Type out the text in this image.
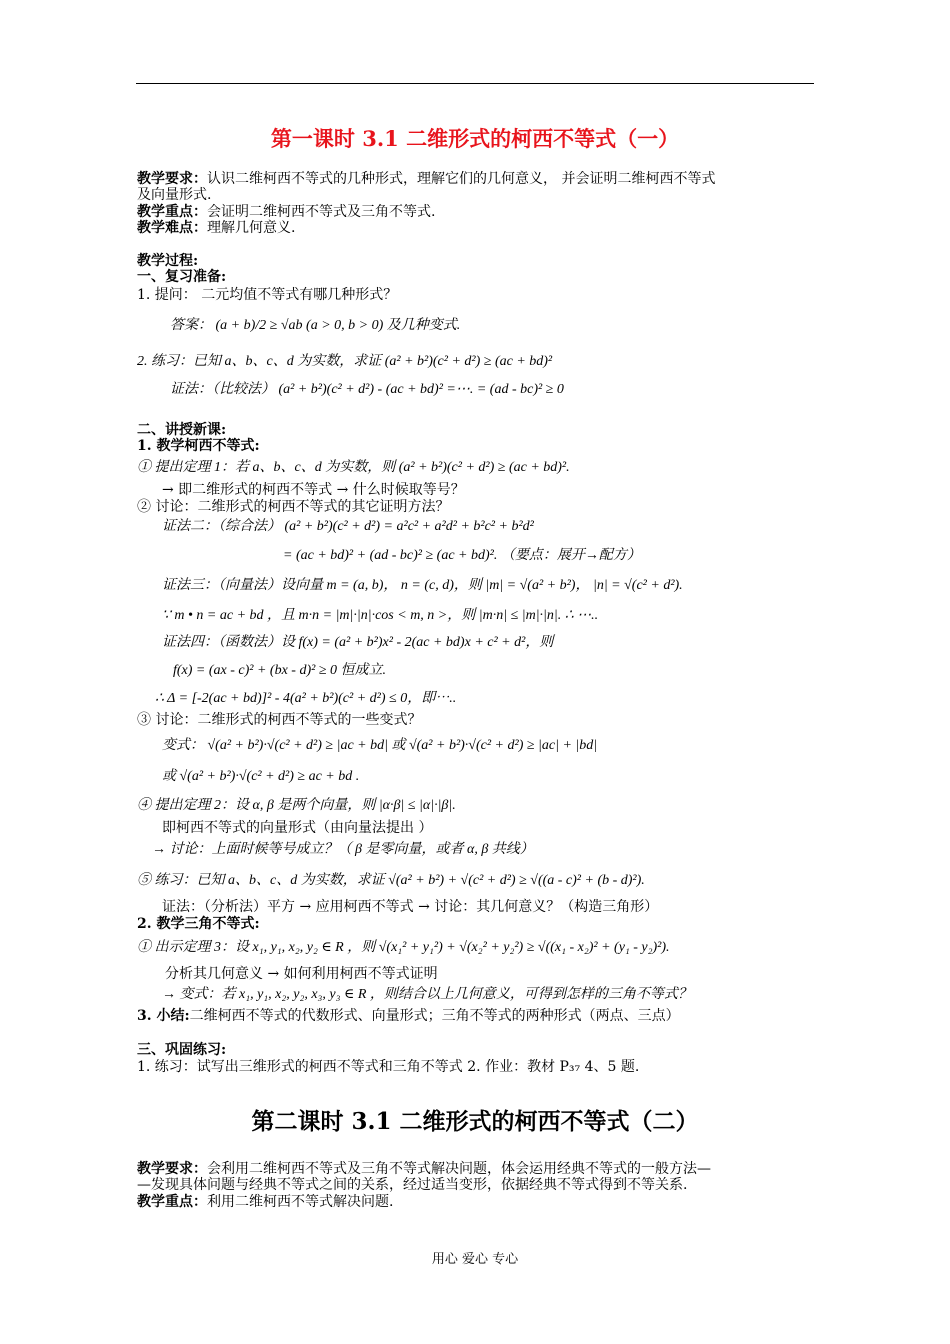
第一课时 3.1 二维形式的柯西不等式（一）
教学要求：认识二维柯西不等式的几种形式，理解它们的几何意义， 并会证明二维柯西不等式
及向量形式.
教学重点：会证明二维柯西不等式及三角不等式.
教学难点：理解几何意义.
教学过程:
一、复习准备:
1. 提问： 二元均值不等式有哪几种形式？
答案： (a + b)/2 ≥ √ab (a > 0, b > 0) 及几种变式.
2. 练习：已知 a、b、c、d 为实数，求证 (a² + b²)(c² + d²) ≥ (ac + bd)²
证法：（比较法） (a² + b²)(c² + d²) - (ac + bd)² =⋯. = (ad - bc)² ≥ 0
二、讲授新课:
1. 教学柯西不等式:
① 提出定理 1：若 a、b、c、d 为实数，则 (a² + b²)(c² + d²) ≥ (ac + bd)².
→ 即二维形式的柯西不等式 → 什么时候取等号？
② 讨论：二维形式的柯西不等式的其它证明方法？
证法二：（综合法） (a² + b²)(c² + d²) = a²c² + a²d² + b²c² + b²d²
= (ac + bd)² + (ad - bc)² ≥ (ac + bd)². （要点：展开→配方）
证法三：（向量法）设向量 m = (a, b)， n = (c, d)，则 |m| = √(a² + b²)， |n| = √(c² + d²).
∵ m • n = ac + bd ，且 m·n = |m|·|n|·cos < m, n >，则 |m·n| ≤ |m|·|n|. ∴ ⋯..
证法四：（函数法）设 f(x) = (a² + b²)x² - 2(ac + bd)x + c² + d²，则
f(x) = (ax - c)² + (bx - d)² ≥ 0 恒成立.
∴ Δ = [-2(ac + bd)]² - 4(a² + b²)(c² + d²) ≤ 0，即⋯..
③ 讨论：二维形式的柯西不等式的一些变式？
变式： √(a² + b²)·√(c² + d²) ≥ |ac + bd| 或 √(a² + b²)·√(c² + d²) ≥ |ac| + |bd|
或 √(a² + b²)·√(c² + d²) ≥ ac + bd .
④ 提出定理 2：设 α, β 是两个向量，则 |α·β| ≤ |α|·|β|.
即柯西不等式的向量形式（由向量法提出 ）
→ 讨论：上面时候等号成立？（ β 是零向量，或者 α, β 共线）
⑤ 练习：已知 a、b、c、d 为实数，求证 √(a² + b²) + √(c² + d²) ≥ √((a - c)² + (b - d)²).
证法：（分析法）平方 → 应用柯西不等式 → 讨论：其几何意义？（构造三角形）
2. 教学三角不等式:
① 出示定理 3：设 x₁, y₁, x₂, y₂ ∈ R ，则 √(x₁² + y₁²) + √(x₂² + y₂²) ≥ √((x₁ - x₂)² + (y₁ - y₂)²).
分析其几何意义 → 如何利用柯西不等式证明
→ 变式：若 x₁, y₁, x₂, y₂, x₃, y₃ ∈ R ，则结合以上几何意义，可得到怎样的三角不等式？
3. 小结:二维柯西不等式的代数形式、向量形式；三角不等式的两种形式（两点、三点）
三、巩固练习:
1. 练习：试写出三维形式的柯西不等式和三角不等式 2. 作业：教材 P₃₇ 4、5 题.
第二课时 3.1 二维形式的柯西不等式（二）
教学要求：会利用二维柯西不等式及三角不等式解决问题，体会运用经典不等式的一般方法—
—发现具体问题与经典不等式之间的关系，经过适当变形，依据经典不等式得到不等关系.
教学重点：利用二维柯西不等式解决问题.
用心 爱心 专心
